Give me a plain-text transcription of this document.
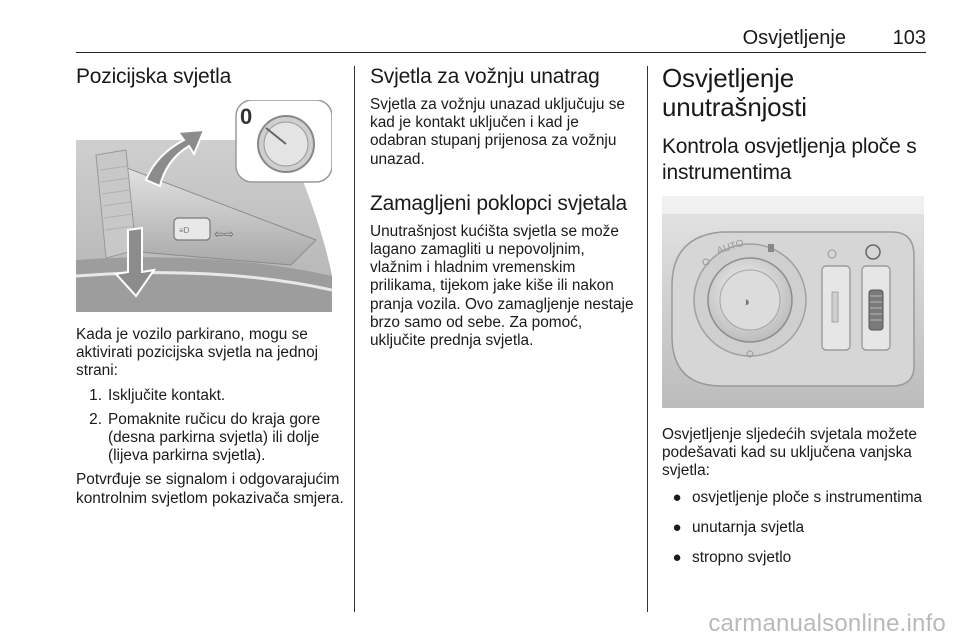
Osvjetljenje 103
Pozicijska svjetla
≡D ⇦⇨
0

Kada je vozilo parkirano, mogu se aktivirati pozicijska svjetla na jednoj strani:

1. Isključite kontakt.
2. Pomaknite ručicu do kraja gore (desna parkirna svjetla) ili dolje (lijeva parkirna svjetla).

Potvrđuje se signalom i odgovarajućim kontrolnim svjetlom pokazivača smjera.

Svjetla za vožnju unatrag

Svjetla za vožnju unazad uključuju se kad je kontakt uključen i kad je odabran stupanj prijenosa za vožnju unazad.

Zamagljeni poklopci svjetala

Unutrašnjost kućišta svjetla se može lagano zamagliti u nepovoljnim, vlažnim i hladnim vremenskim prilikama, tijekom jake kiše ili nakon pranja vozila. Ovo zamagljenje nestaje brzo samo od sebe. Za pomoć, uključite prednja svjetla.

Osvjetljenje unutrašnjosti
Kontrola osvjetljenja ploče s instrumentima
◑
AUTO

Osvjetljenje sljedećih svjetala možete podešavati kad su uključena vanjska svjetla:

● osvjetljenje ploče s instrumentima
● unutarnja svjetla
● stropno svjetlo
carmanualsonline.info
